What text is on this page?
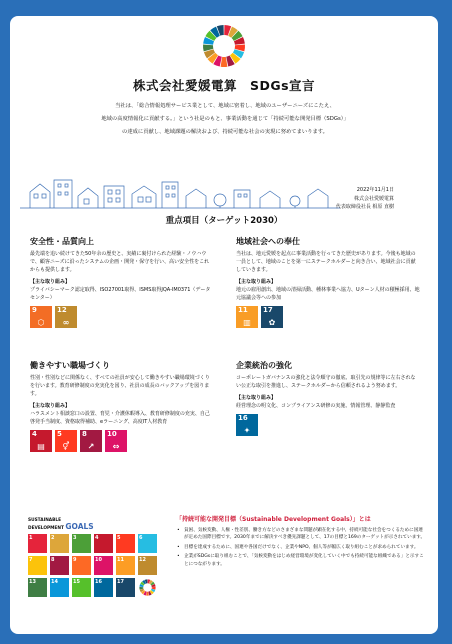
株式会社愛媛電算　SDGs宣言
当社は、「総合情報処理サービス業として、地域に密着し、地域のユーザーニーズにこたえ、
地域の高度情報化に貢献する。」という社是のもと、事業活動を通じて「持続可能な開発目標（SDGs）」
の達成に貢献し、地域課題の解決および、持続可能な社会の実現に努めてまいります。
2022年11月1日
株式会社愛媛電算
代表取締役社長 相原 直樹
重点項目（ターゲット2030）
安全性・品質向上
最先端を追い続けてきた50年余の歴史と、実績に裏付けられた経験・ノウハウで、顧客ニーズに沿ったシステムの企画・開発・保守を行い、高い安全性をこれからも提供します。
【主な取り組み】
プライバシーマーク認定取得、ISO27001取得、ISMS取得JQA-IM0371（データセンター）
9
⬡
12
∞
地域社会への奉仕
当社は、地元愛媛を起点に事業活動を行ってきた歴史があります。今後も地域の一員として、地域のことを第一にステークホルダーと向き合い、地域社会に貢献していきます。
【主な取り組み】
地元の雇用創出、地域の清掃活動、種林事業へ協力、Uターン人材の積極採用、地元協議会等への参加
11
▥
17
✿
働きやすい職場づくり
性別・性別などに関係なく、すべての社員が安心して働きやすい職場環境づくりを行います。教育研修制度の充実化を図り、社員の成長のバックアップを図ります。
【主な取り組み】
ハラスメント相談窓口の設置、育児・介護休暇導入、教育研修制度の充実、自己啓発手当制度、資格取得補助、eラーニング、高度IT人材教育
4
▤
5
⚥
8
↗
10
⇔
企業統治の強化
コーポレートガバナンスの強化と法令順守の徹底、取引先の規律等に左右されない公正な取引を推進し、ステークホルダーから信頼されるよう努めます。
【主な取り組み】
経営理念の明文化、コンプライアンス研修の実施、情報管理、静静監査
16
✦
SUSTAINABLE
DEVELOPMENT GOALS
1	2	3	4	5	6
7	8	9	10	11	12
13	14	15	16	17
「持続可能な開発目標（Sustainable Development Goals）」とは
• 貧困、気候変動、人権・性差別、働き方などのさまざまな問題が顕在化する中、持続可能な社会をつくるために国連が定めた国際目標です。2030年までに解決すべき優先課題として、17の目標と169のターゲットが示されています。
• 目標を達成するために、国連や各国だけでなく、企業やNPO、個人等が幅広く取り組むことが求められています。
• 企業がSDGsに取り組むことで、「気候変動をはじめ経営環境が変化していく中でも持続可能な組織である」と示すことにつながります。
